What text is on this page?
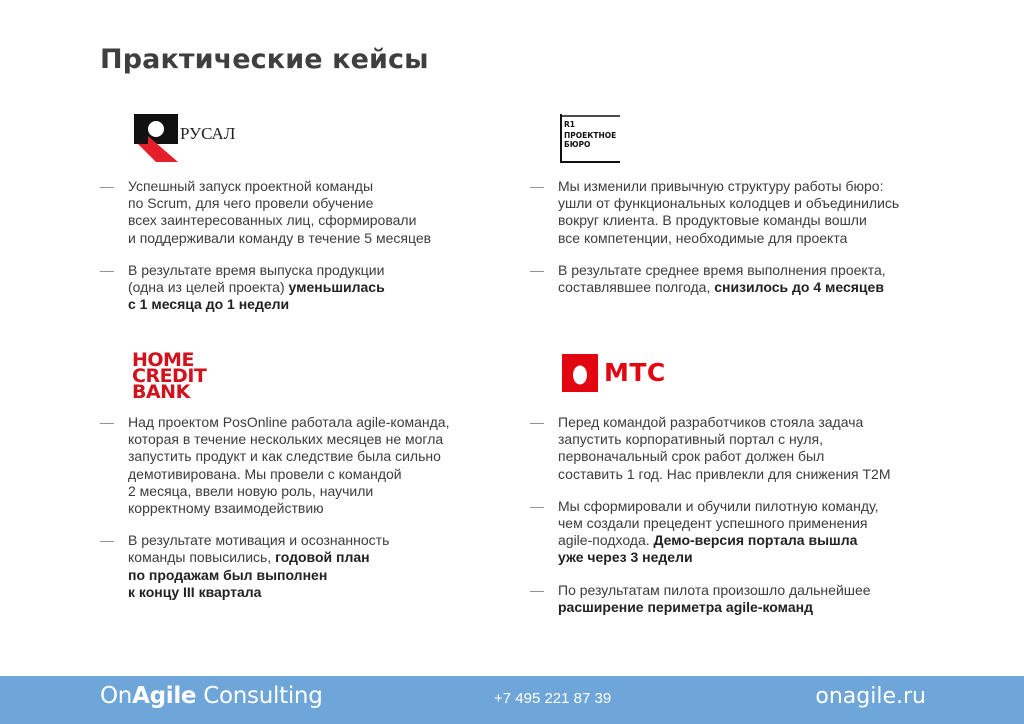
Практические кейсы
РУСАЛ	R1
ПРОЕКТНОЕ
БЮРО
HOME
CREDIT
BANK
МТС
— Успешный запуск проектной команды
по Scrum, для чего провели обучение
всех заинтересованных лиц, сформировали
и поддерживали команду в течение 5 месяцев
— В результате время выпуска продукции
(одна из целей проекта) уменьшилась
с 1 месяца до 1 недели
— Мы изменили привычную структуру работы бюро:
ушли от функциональных колодцев и объединились
вокруг клиента. В продуктовые команды вошли
все компетенции, необходимые для проекта
— В результате среднее время выполнения проекта,
составлявшее полгода, снизилось до 4 месяцев
— Над проектом PosOnline работала agile-команда,
которая в течение нескольких месяцев не могла
запустить продукт и как следствие была сильно
демотивирована. Мы провели с командой
2 месяца, ввели новую роль, научили
корректному взаимодействию
— В результате мотивация и осознанность
команды повысились, годовой план
по продажам был выполнен
к концу III квартала
— Перед командой разработчиков стояла задача
запустить корпоративный портал с нуля,
первоначальный срок работ должен был
составить 1 год. Нас привлекли для снижения T2M
— Мы сформировали и обучили пилотную команду,
чем создали прецедент успешного применения
agile-подхода. Демо-версия портала вышла
уже через 3 недели
— По результатам пилота произошло дальнейшее
расширение периметра agile-команд
OnAgile Consulting	+7 495 221 87 39	onagile.ru
